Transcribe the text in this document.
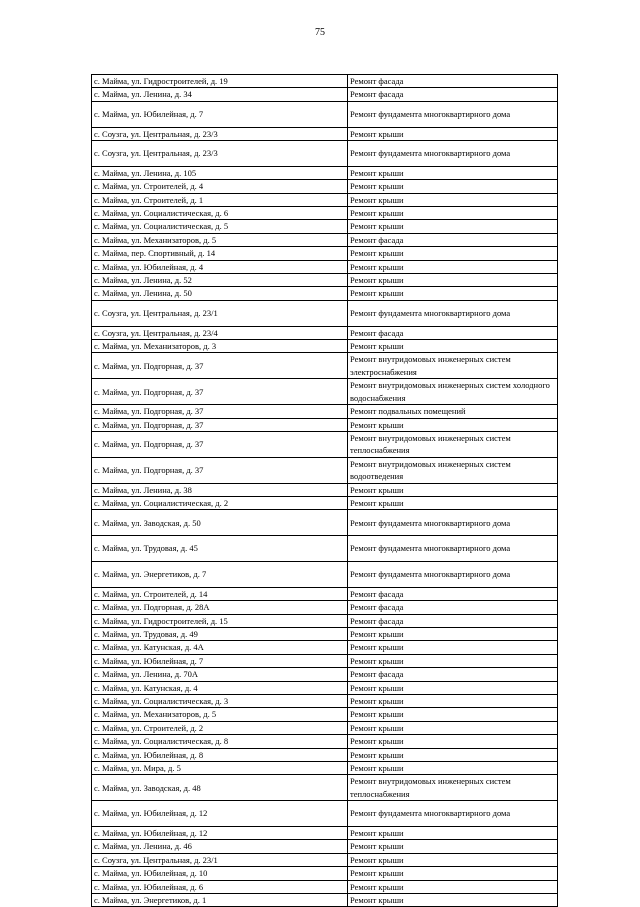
75
с. Майма, ул. Гидростроителей, д. 19	Ремонт фасада
с. Майма, ул. Ленина, д. 34	Ремонт фасада
с. Майма, ул. Юбилейная, д. 7	Ремонт фундамента многоквартирного дома
с. Соузга, ул. Центральная, д. 23/3	Ремонт крыши
с. Соузга, ул. Центральная, д. 23/3	Ремонт фундамента многоквартирного дома
с. Майма, ул. Ленина, д. 105	Ремонт крыши
с. Майма, ул. Строителей, д. 4	Ремонт крыши
с. Майма, ул. Строителей, д. 1	Ремонт крыши
с. Майма, ул. Социалистическая, д. 6	Ремонт крыши
с. Майма, ул. Социалистическая, д. 5	Ремонт крыши
с. Майма, ул. Механизаторов, д. 5	Ремонт фасада
с. Майма, пер. Спортивный, д. 14	Ремонт крыши
с. Майма, ул. Юбилейная, д. 4	Ремонт крыши
с. Майма, ул. Ленина, д. 52	Ремонт крыши
с. Майма, ул. Ленина, д. 50	Ремонт крыши
с. Соузга, ул. Центральная, д. 23/1	Ремонт фундамента многоквартирного дома
с. Соузга, ул. Центральная, д. 23/4	Ремонт фасада
с. Майма, ул. Механизаторов, д. 3	Ремонт крыши
с. Майма, ул. Подгорная, д. 37	Ремонт внутридомовых инженерных систем электроснабжения
с. Майма, ул. Подгорная, д. 37	Ремонт внутридомовых инженерных систем холодного водоснабжения
с. Майма, ул. Подгорная, д. 37	Ремонт подвальных помещений
с. Майма, ул. Подгорная, д. 37	Ремонт крыши
с. Майма, ул. Подгорная, д. 37	Ремонт внутридомовых инженерных систем теплоснабжения
с. Майма, ул. Подгорная, д. 37	Ремонт внутридомовых инженерных систем водоотведения
с. Майма, ул. Ленина, д. 38	Ремонт крыши
с. Майма, ул. Социалистическая, д. 2	Ремонт крыши
с. Майма, ул. Заводская, д. 50	Ремонт фундамента многоквартирного дома
с. Майма, ул. Трудовая, д. 45	Ремонт фундамента многоквартирного дома
с. Майма, ул. Энергетиков, д. 7	Ремонт фундамента многоквартирного дома
с. Майма, ул. Строителей, д. 14	Ремонт фасада
с. Майма, ул. Подгорная, д. 28А	Ремонт фасада
с. Майма, ул. Гидростроителей, д. 15	Ремонт фасада
с. Майма, ул. Трудовая, д. 49	Ремонт крыши
с. Майма, ул. Катунская, д. 4А	Ремонт крыши
с. Майма, ул. Юбилейная, д. 7	Ремонт крыши
с. Майма, ул. Ленина, д. 70А	Ремонт фасада
с. Майма, ул. Катунская, д. 4	Ремонт крыши
с. Майма, ул. Социалистическая, д. 3	Ремонт крыши
с. Майма, ул. Механизаторов, д. 5	Ремонт крыши
с. Майма, ул. Строителей, д. 2	Ремонт крыши
с. Майма, ул. Социалистическая, д. 8	Ремонт крыши
с. Майма, ул. Юбилейная, д. 8	Ремонт крыши
с. Майма, ул. Мира, д. 5	Ремонт крыши
с. Майма, ул. Заводская, д. 48	Ремонт внутридомовых инженерных систем теплоснабжения
с. Майма, ул. Юбилейная, д. 12	Ремонт фундамента многоквартирного дома
с. Майма, ул. Юбилейная, д. 12	Ремонт крыши
с. Майма, ул. Ленина, д. 46	Ремонт крыши
с. Соузга, ул. Центральная, д. 23/1	Ремонт крыши
с. Майма, ул. Юбилейная, д. 10	Ремонт крыши
с. Майма, ул. Юбилейная, д. 6	Ремонт крыши
с. Майма, ул. Энергетиков, д. 1	Ремонт крыши
